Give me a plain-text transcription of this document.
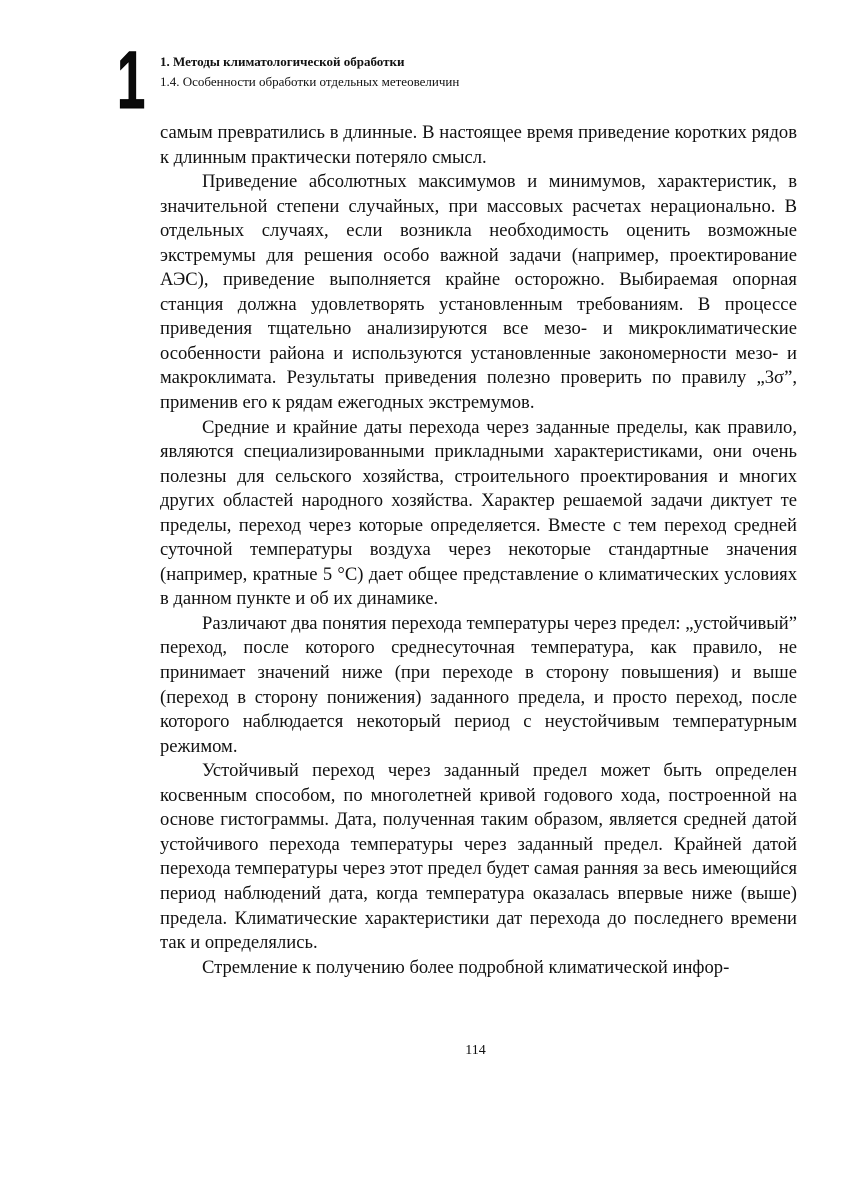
1 1. Методы климатологической обработки
1.4. Особенности обработки отдельных метеовеличин

самым превратились в длинные. В настоящее время приведение коротких рядов к длинным практически потеряло смысл.

Приведение абсолютных максимумов и минимумов, характеристик, в значительной степени случайных, при массовых расчетах нерационально. В отдельных случаях, если возникла необходимость оценить возможные экстремумы для решения особо важной задачи (например, проектирование АЭС), приведение выполняется крайне осторожно. Выбираемая опорная станция должна удовлетворять установленным требованиям. В процессе приведения тщательно анализируются все мезо- и микроклиматические особенности района и используются установленные закономерности мезо- и макроклимата. Результаты приведения полезно проверить по правилу „3σ”, применив его к рядам ежегодных экстремумов.

Средние и крайние даты перехода через заданные пределы, как правило, являются специализированными прикладными характеристиками, они очень полезны для сельского хозяйства, строительного проектирования и многих других областей народного хозяйства. Характер решаемой задачи диктует те пределы, переход через которые определяется. Вместе с тем переход средней суточной температуры воздуха через некоторые стандартные значения (например, кратные 5 °С) дает общее представление о климатических условиях в данном пункте и об их динамике.

Различают два понятия перехода температуры через предел: „устойчивый” переход, после которого среднесуточная температура, как правило, не принимает значений ниже (при переходе в сторону повышения) и выше (переход в сторону понижения) заданного предела, и просто переход, после которого наблюдается некоторый период с неустойчивым температурным режимом.

Устойчивый переход через заданный предел может быть определен косвенным способом, по многолетней кривой годового хода, построенной на основе гистограммы. Дата, полученная таким образом, является средней датой устойчивого перехода температуры через заданный предел. Крайней датой перехода температуры через этот предел будет самая ранняя за весь имеющийся период наблюдений дата, когда температура оказалась впервые ниже (выше) предела. Климатические характеристики дат перехода до последнего времени так и определялись.

Стремление к получению более подробной климатической инфор-

114
